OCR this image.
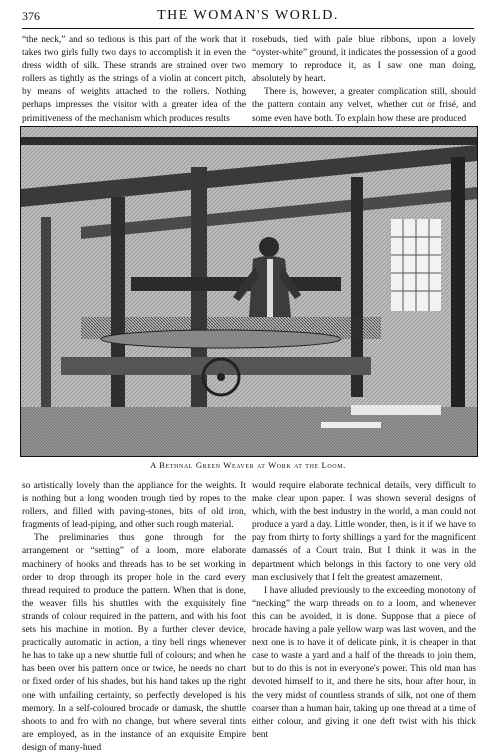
376	THE WOMAN'S WORLD.

“the neck,” and so tedious is this part of the work that it takes two girls fully two days to accomplish it in even the dress width of silk. These strands are strained over two rollers as tightly as the strings of a violin at concert pitch, by means of weights attached to the rollers. Nothing perhaps impresses the visitor with a greater idea of the primitiveness of the mechanism which produces results

rosebuds, tied with pale blue ribbons, upon a lovely “oyster-white” ground, it indicates the possession of a good memory to reproduce it, as I saw one man doing, absolutely by heart.

There is, however, a greater complication still, should the pattern contain any velvet, whether cut or frisé, and some even have both. To explain how these are produced

A Bethnal Green Weaver at Work at the Loom.

so artistically lovely than the appliance for the weights. It is nothing but a long wooden trough tied by ropes to the rollers, and filled with paving-stones, bits of old iron, fragments of lead-piping, and other such rough material.

The preliminaries thus gone through for the arrangement or “setting” of a loom, more elaborate machinery of hooks and threads has to be set working in order to drop through its proper hole in the card every thread required to produce the pattern. When that is done, the weaver fills his shuttles with the exquisitely fine strands of colour required in the pattern, and with his foot sets his machine in motion. By a further clever device, practically automatic in action, a tiny bell rings whenever he has to take up a new shuttle full of colours; and when he has been over his pattern once or twice, he needs no chart or fixed order of his shades, but his hand takes up the right one with unfailing certainty, so perfectly developed is his memory. In a self-coloured brocade or damask, the shuttle shoots to and fro with no change, but where several tints are employed, as in the instance of an exquisite Empire design of many-hued

would require elaborate technical details, very difficult to make clear upon paper. I was shown several designs of which, with the best industry in the world, a man could not produce a yard a day. Little wonder, then, is it if we have to pay from thirty to forty shillings a yard for the magnificent damassés of a Court train. But I think it was in the department which belongs in this factory to one very old man exclusively that I felt the greatest amazement.

I have alluded previously to the exceeding monotony of “necking” the warp threads on to a loom, and whenever this can be avoided, it is done. Suppose that a piece of brocade having a pale yellow warp was last woven, and the next one is to have it of delicate pink, it is cheaper in that case to waste a yard and a half of the threads to join them, but to do this is not in everyone's power. This old man has devoted himself to it, and there he sits, hour after hour, in the very midst of countless strands of silk, not one of them coarser than a human hair, taking up one thread at a time of either colour, and giving it one deft twist with his thick bent
